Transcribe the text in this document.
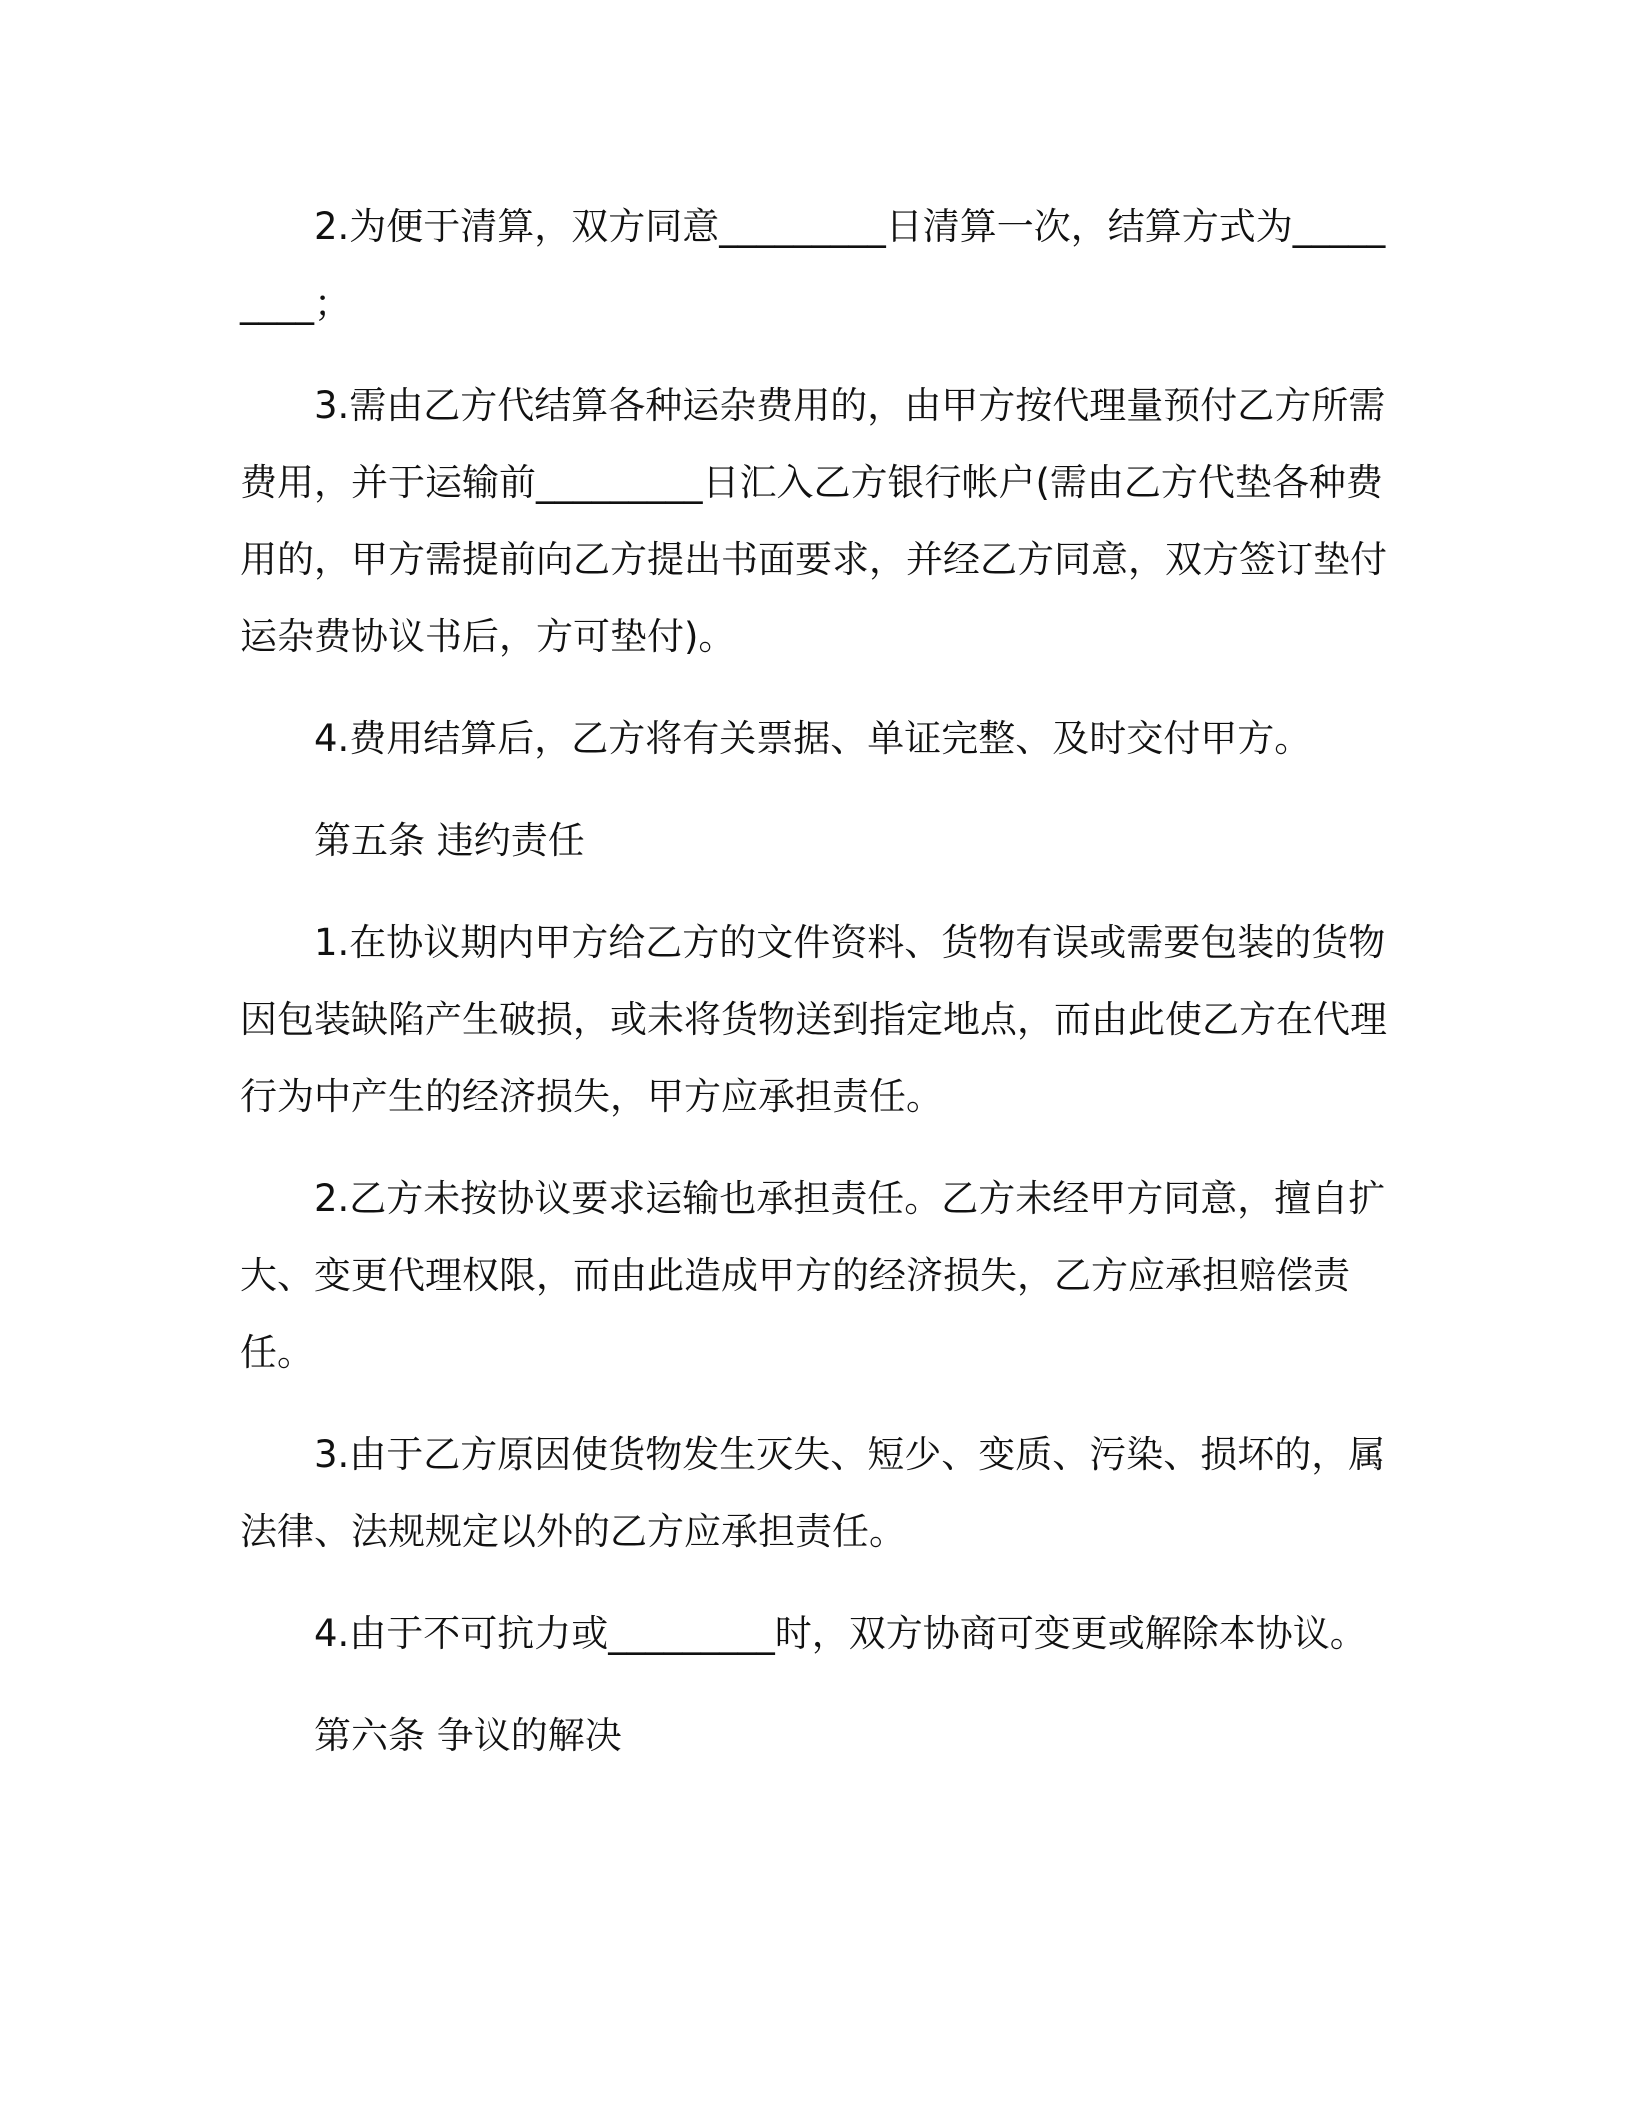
2.为便于清算，双方同意_________日清算一次，结算方式为_________；

3.需由乙方代结算各种运杂费用的，由甲方按代理量预付乙方所需费用，并于运输前_________日汇入乙方银行帐户(需由乙方代垫各种费用的，甲方需提前向乙方提出书面要求，并经乙方同意，双方签订垫付运杂费协议书后，方可垫付)。

4.费用结算后，乙方将有关票据、单证完整、及时交付甲方。

第五条 违约责任

1.在协议期内甲方给乙方的文件资料、货物有误或需要包装的货物因包装缺陷产生破损，或未将货物送到指定地点，而由此使乙方在代理行为中产生的经济损失，甲方应承担责任。

2.乙方未按协议要求运输也承担责任。乙方未经甲方同意，擅自扩大、变更代理权限，而由此造成甲方的经济损失，乙方应承担赔偿责任。

3.由于乙方原因使货物发生灭失、短少、变质、污染、损坏的，属法律、法规规定以外的乙方应承担责任。

4.由于不可抗力或_________时，双方协商可变更或解除本协议。

第六条 争议的解决
